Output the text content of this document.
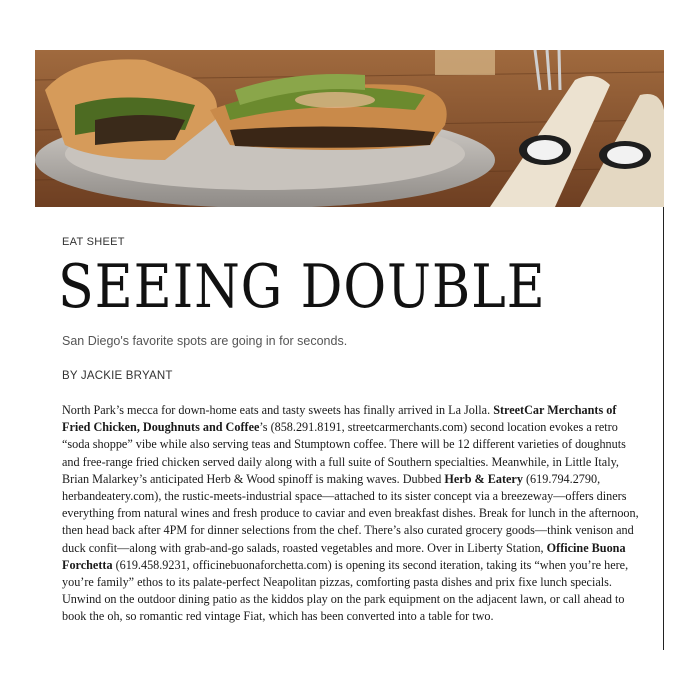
EAT SHEET
SEEING DOUBLE
San Diego's favorite spots are going in for seconds.
BY JACKIE BRYANT
North Park’s mecca for down-home eats and tasty sweets has finally arrived in La Jolla. StreetCar Merchants of Fried Chicken, Doughnuts and Coffee’s (858.291.8191, streetcarmerchants.com) second location evokes a retro “soda shoppe” vibe while also serving teas and Stumptown coffee. There will be 12 different varieties of doughnuts and free-range fried chicken served daily along with a full suite of Southern specialties. Meanwhile, in Little Italy, Brian Malarkey’s anticipated Herb & Wood spinoff is making waves. Dubbed Herb & Eatery (619.794.2790, herbandeatery.com), the rustic-meets-industrial space—attached to its sister concept via a breezeway—offers diners everything from natural wines and fresh produce to caviar and even breakfast dishes. Break for lunch in the afternoon, then head back after 4PM for dinner selections from the chef. There’s also curated grocery goods—think venison and duck confit—along with grab-and-go salads, roasted vegetables and more. Over in Liberty Station, Officine Buona Forchetta (619.458.9231, officinebuonaforchetta.com) is opening its second iteration, taking its “when you’re here, you’re family” ethos to its palate-perfect Neapolitan pizzas, comforting pasta dishes and prix fixe lunch specials. Unwind on the outdoor dining patio as the kiddos play on the park equipment on the adjacent lawn, or call ahead to book the oh, so romantic red vintage Fiat, which has been converted into a table for two.
